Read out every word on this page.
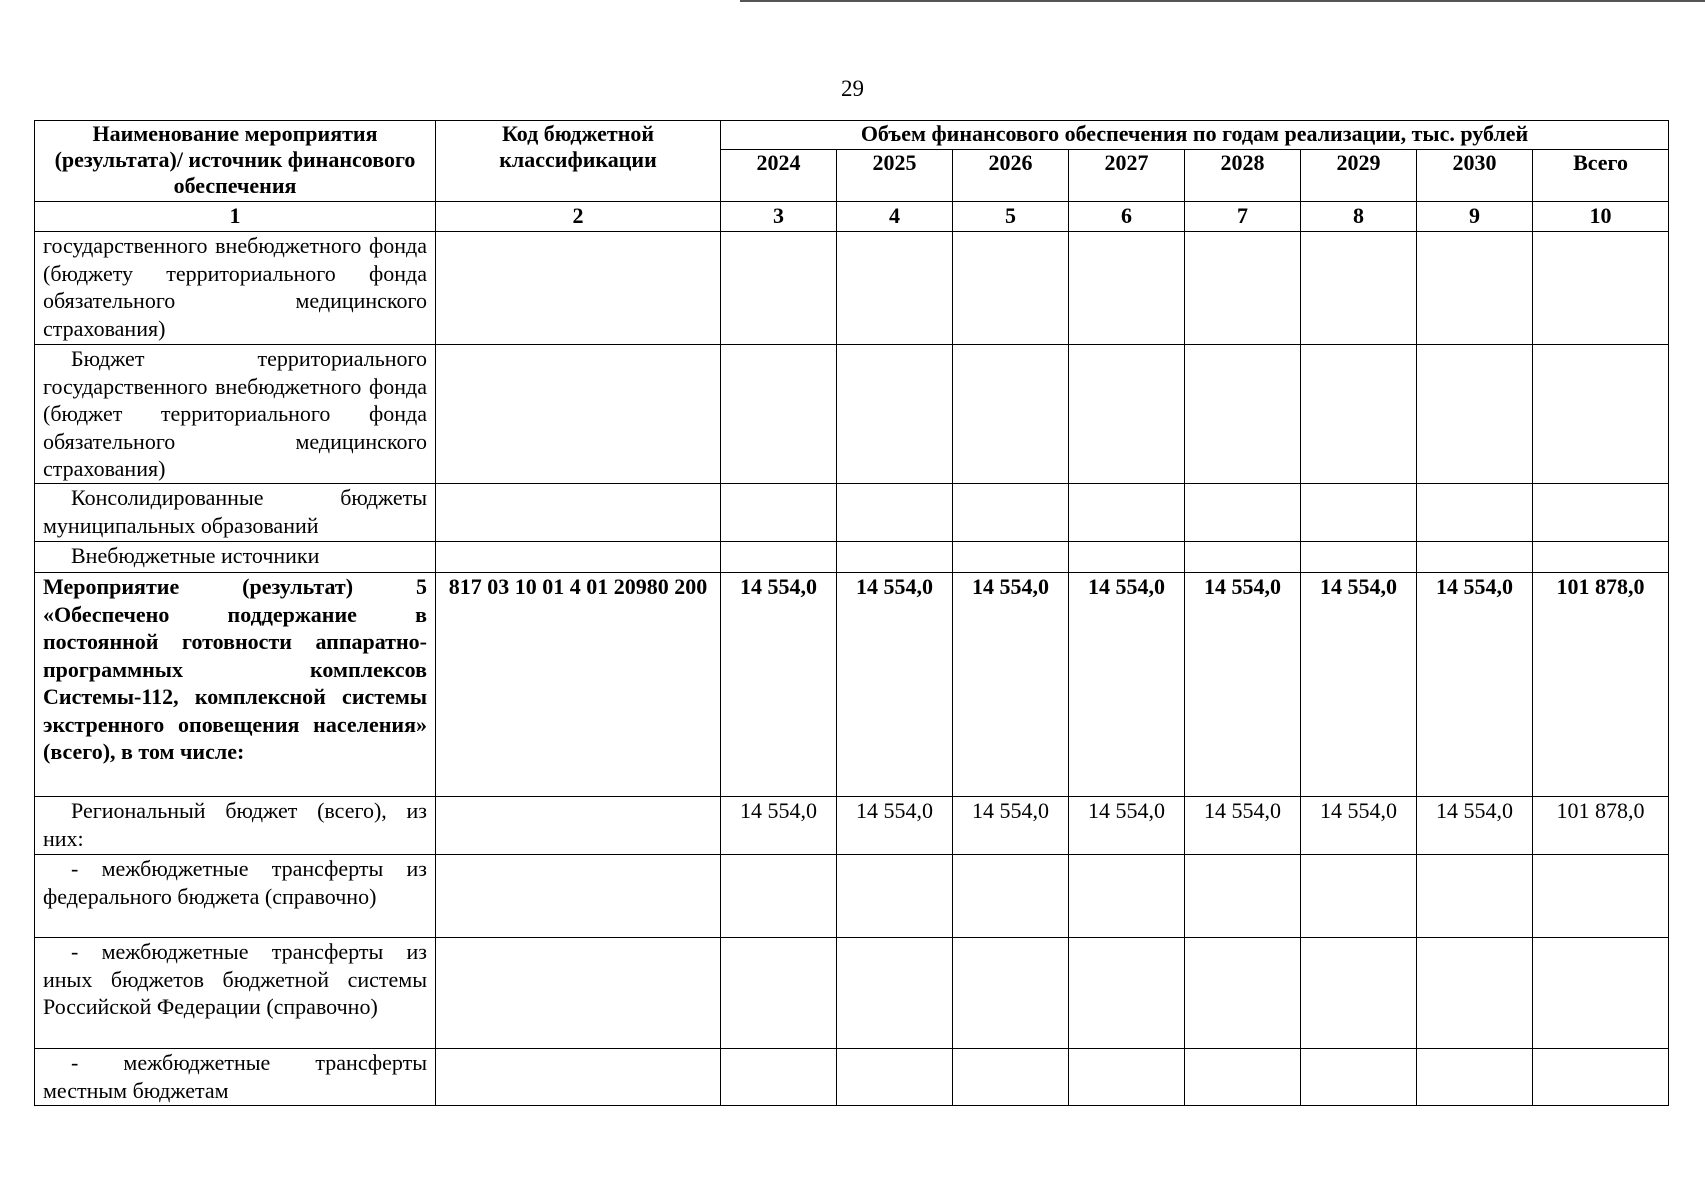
29
Наименование мероприятия (результата)/ источник финансового обеспечения	Код бюджетной классификации	Объем финансового обеспечения по годам реализации, тыс. рублей							
		2024	2025	2026	2027	2028	2029	2030	Всего
1	2	3	4	5	6	7	8	9	10
государственного внебюджетного фонда (бюджету территориального фонда обязательного медицинского страхования)									
Бюджет территориального государственного внебюджетного фонда (бюджет территориального фонда обязательного медицинского страхования)									
Консолидированные бюджеты муниципальных образований									
Внебюджетные источники									
Мероприятие (результат) 5 «Обеспечено поддержание в постоянной готовности аппаратно-программных комплексов Системы-112, комплексной системы экстренного оповещения населения» (всего), в том числе:	817 03 10 01 4 01 20980 200	14 554,0	14 554,0	14 554,0	14 554,0	14 554,0	14 554,0	14 554,0	101 878,0
Региональный бюджет (всего), из них:		14 554,0	14 554,0	14 554,0	14 554,0	14 554,0	14 554,0	14 554,0	101 878,0
- межбюджетные трансферты из федерального бюджета (справочно)									
- межбюджетные трансферты из иных бюджетов бюджетной системы Российской Федерации (справочно)									
- межбюджетные трансферты местным бюджетам									
